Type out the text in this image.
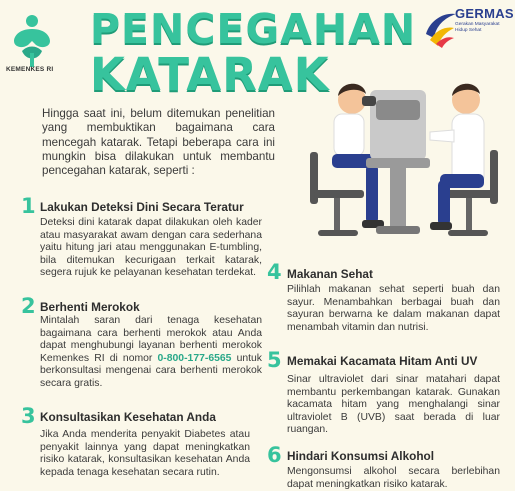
KEMENKES RI
PENCEGAHAN
KATARAK
GERMAS
Gerakan Masyarakat Hidup Sehat
Hingga saat ini, belum ditemukan penelitian yang membuktikan bagaimana cara mencegah katarak. Tetapi beberapa cara ini mungkin bisa dilakukan untuk membantu pencegahan katarak, seperti :
1 Lakukan Deteksi Dini Secara Teratur
Deteksi dini katarak dapat dilakukan oleh kader atau masyarakat awam dengan cara sederhana yaitu hitung jari atau menggunakan E-tumbling, bila ditemukan kecurigaan terkait katarak, segera rujuk ke pelayanan kesehatan terdekat.
2 Berhenti Merokok
Mintalah saran dari tenaga kesehatan bagaimana cara berhenti merokok atau Anda dapat menghubungi layanan berhenti merokok Kemenkes RI di nomor 0-800-177-6565 untuk berkonsultasi mengenai cara berhenti merokok secara gratis.
3 Konsultasikan Kesehatan Anda
Jika Anda menderita penyakit Diabetes atau penyakit lainnya yang dapat meningkatkan risiko katarak, konsultasikan kesehatan Anda kepada tenaga kesehatan secara rutin.
4 Makanan Sehat
Pilihlah makanan sehat seperti buah dan sayur. Menambahkan berbagai buah dan sayuran berwarna ke dalam makanan dapat menambah vitamin dan nutrisi.
5 Memakai Kacamata Hitam Anti UV
Sinar ultraviolet dari sinar matahari dapat membantu perkembangan katarak. Gunakan kacamata hitam yang menghalangi sinar ultraviolet B (UVB) saat berada di luar ruangan.
6 Hindari Konsumsi Alkohol
Mengonsumsi alkohol secara berlebihan dapat meningkatkan risiko katarak.
